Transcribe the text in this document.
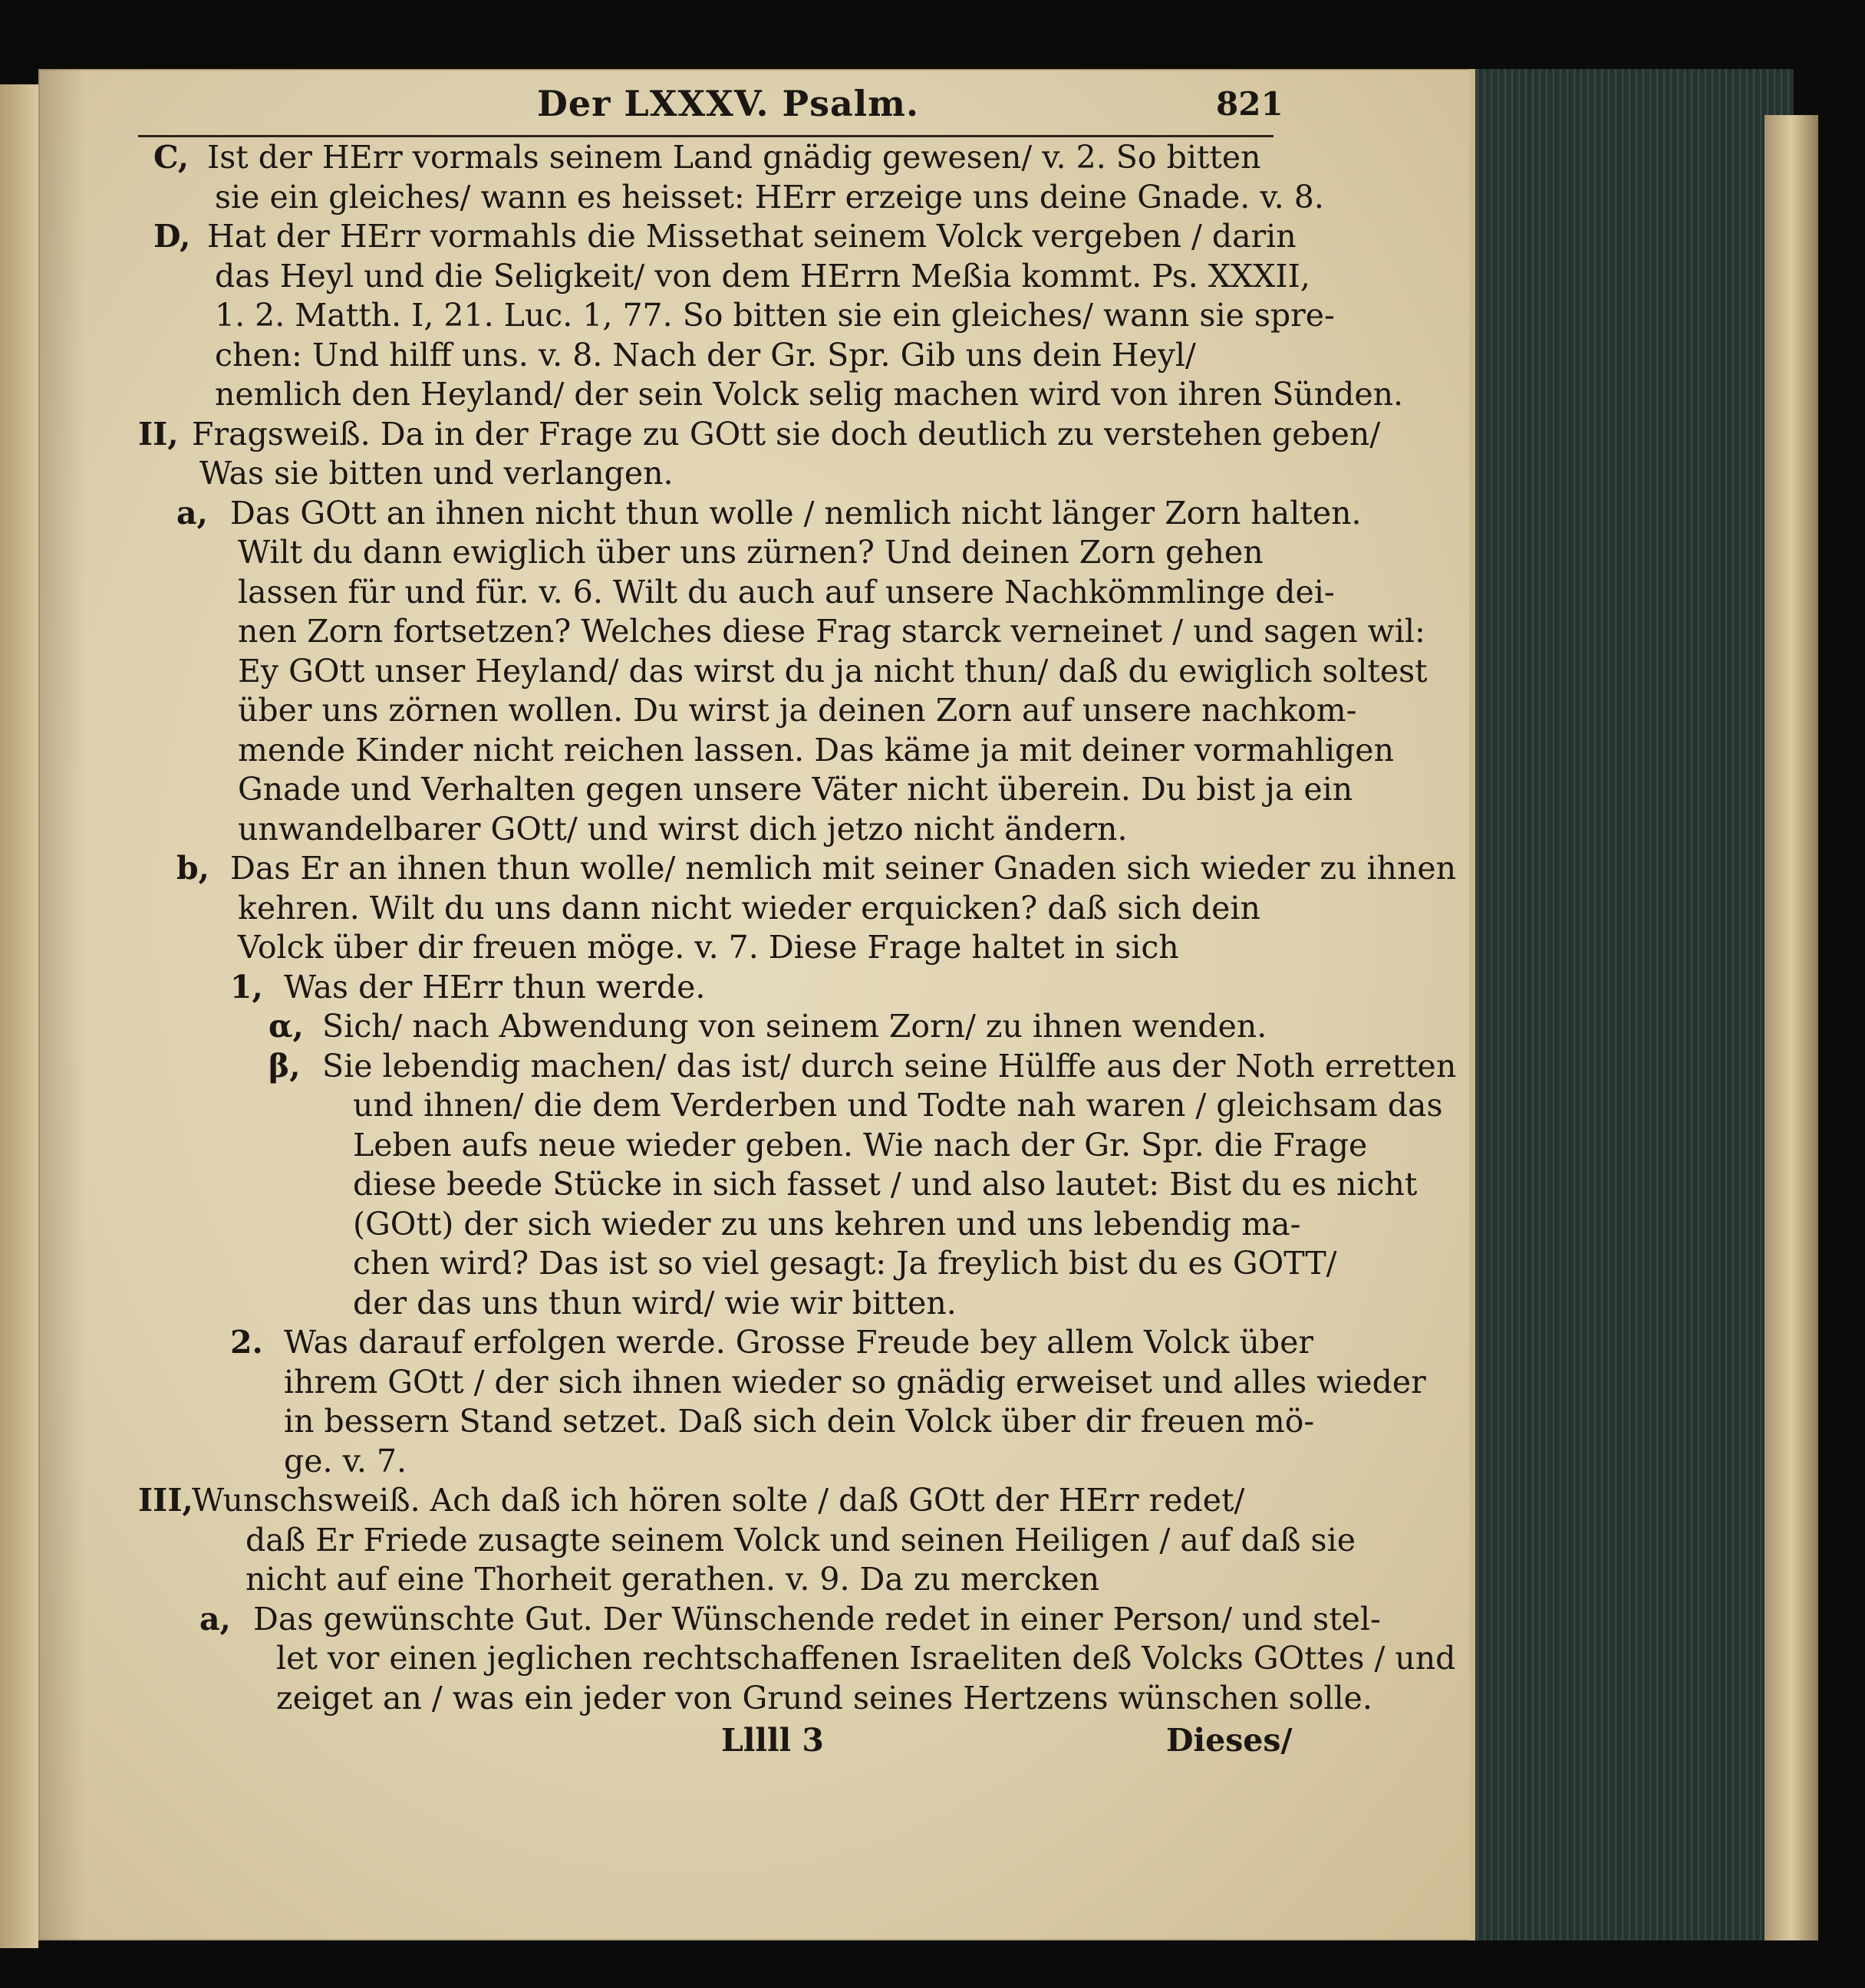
Der LXXXV. Psalm.	821
C, Ist der HErr vormals seinem Land gnädig gewesen/ v. 2. So bitten
sie ein gleiches/ wann es heisset: HErr erzeige uns deine Gnade. v. 8.
D, Hat der HErr vormahls die Missethat seinem Volck vergeben / darin
das Heyl und die Seligkeit/ von dem HErrn Meßia kommt. Ps. XXXII,
1. 2. Matth. I, 21. Luc. 1, 77. So bitten sie ein gleiches/ wann sie spre-
chen: Und hilff uns. v. 8. Nach der Gr. Spr. Gib uns dein Heyl/
nemlich den Heyland/ der sein Volck selig machen wird von ihren Sünden.
II, Fragsweiß. Da in der Frage zu GOtt sie doch deutlich zu verstehen geben/
Was sie bitten und verlangen.
a, Das GOtt an ihnen nicht thun wolle / nemlich nicht länger Zorn halten.
Wilt du dann ewiglich über uns zürnen? Und deinen Zorn gehen
lassen für und für. v. 6. Wilt du auch auf unsere Nachkömmlinge dei-
nen Zorn fortsetzen? Welches diese Frag starck verneinet / und sagen wil:
Ey GOtt unser Heyland/ das wirst du ja nicht thun/ daß du ewiglich soltest
über uns zörnen wollen. Du wirst ja deinen Zorn auf unsere nachkom-
mende Kinder nicht reichen lassen. Das käme ja mit deiner vormahligen
Gnade und Verhalten gegen unsere Väter nicht überein. Du bist ja ein
unwandelbarer GOtt/ und wirst dich jetzo nicht ändern.
b, Das Er an ihnen thun wolle/ nemlich mit seiner Gnaden sich wieder zu ihnen
kehren. Wilt du uns dann nicht wieder erquicken? daß sich dein
Volck über dir freuen möge. v. 7. Diese Frage haltet in sich
1, Was der HErr thun werde.
α, Sich/ nach Abwendung von seinem Zorn/ zu ihnen wenden.
β, Sie lebendig machen/ das ist/ durch seine Hülffe aus der Noth erretten
und ihnen/ die dem Verderben und Todte nah waren / gleichsam das
Leben aufs neue wieder geben. Wie nach der Gr. Spr. die Frage
diese beede Stücke in sich fasset / und also lautet: Bist du es nicht
(GOtt) der sich wieder zu uns kehren und uns lebendig ma-
chen wird? Das ist so viel gesagt: Ja freylich bist du es GOTT/
der das uns thun wird/ wie wir bitten.
2. Was darauf erfolgen werde. Grosse Freude bey allem Volck über
ihrem GOtt / der sich ihnen wieder so gnädig erweiset und alles wieder
in bessern Stand setzet. Daß sich dein Volck über dir freuen mö-
ge. v. 7.
III,Wunschsweiß. Ach daß ich hören solte / daß GOtt der HErr redet/
daß Er Friede zusagte seinem Volck und seinen Heiligen / auf daß sie
nicht auf eine Thorheit gerathen. v. 9. Da zu mercken
a, Das gewünschte Gut. Der Wünschende redet in einer Person/ und stel-
let vor einen jeglichen rechtschaffenen Israeliten deß Volcks GOttes / und
zeiget an / was ein jeder von Grund seines Hertzens wünschen solle.
Lllll 3	Dieses/
